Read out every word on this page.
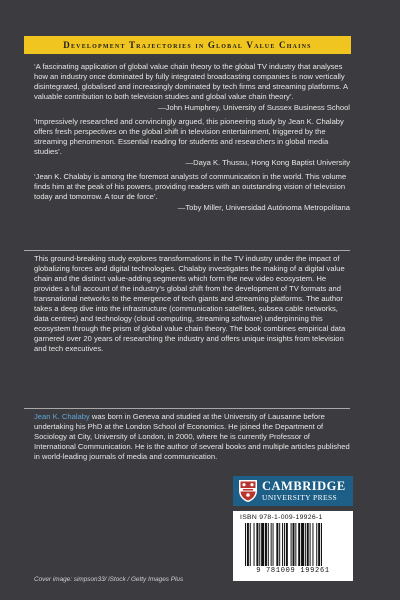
Development Trajectories in Global Value Chains

‘A fascinating application of global value chain theory to the global TV industry that analyses how an industry once dominated by fully integrated broadcasting companies is now vertically disintegrated, globalised and increasingly dominated by tech firms and streaming platforms. A valuable contribution to both television studies and global value chain theory’.

—John Humphrey, University of Sussex Business School

‘Impressively researched and convincingly argued, this pioneering study by Jean K. Chalaby offers fresh perspectives on the global shift in television entertainment, triggered by the streaming phenomenon. Essential reading for students and researchers in global media studies’.

—Daya K. Thussu, Hong Kong Baptist University

‘Jean K. Chalaby is among the foremost analysts of communication in the world. This volume finds him at the peak of his powers, providing readers with an outstanding vision of television today and tomorrow. A tour de force’.

—Toby Miller, Universidad Autónoma Metropolitana

This ground-breaking study explores transformations in the TV industry under the impact of globalizing forces and digital technologies. Chalaby investigates the making of a digital value chain and the distinct value-adding segments which form the new video ecosystem. He provides a full account of the industry’s global shift from the development of TV formats and transnational networks to the emergence of tech giants and streaming platforms. The author takes a deep dive into the infrastructure (communication satellites, subsea cable networks, data centres) and technology (cloud computing, streaming software) underpinning this ecosystem through the prism of global value chain theory. The book combines empirical data garnered over 20 years of researching the industry and offers unique insights from television and tech executives.

Jean K. Chalaby was born in Geneva and studied at the University of Lausanne before undertaking his PhD at the London School of Economics. He joined the Department of Sociology at City, University of London, in 2000, where he is currently Professor of International Communication. He is the author of several books and multiple articles published in world-leading journals of media and communication.

CAMBRIDGE
UNIVERSITY PRESS
ISBN 978-1-009-19926-1
9 781009 199261

Cover image: simpson33/ iStock / Getty Images Plus
